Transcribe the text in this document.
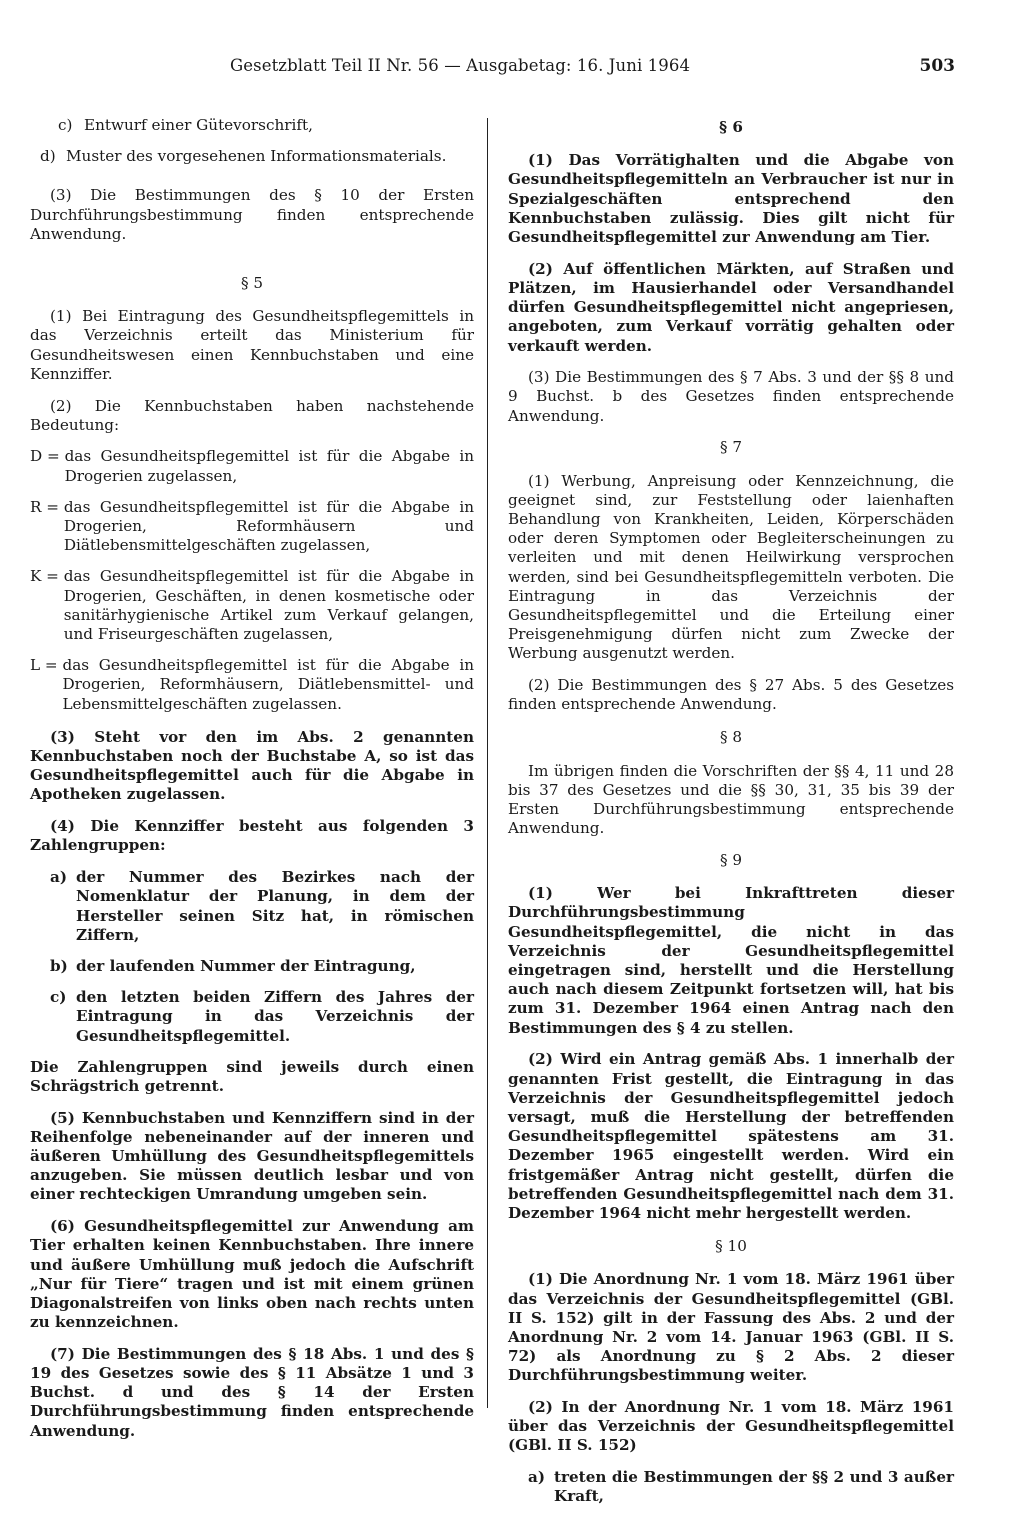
Gesetzblatt Teil II Nr. 56 — Ausgabetag: 16. Juni 1964	503
c) Entwurf einer Gütevorschrift,
d) Muster des vorgesehenen Informationsmaterials.

(3) Die Bestimmungen des § 10 der Ersten Durchführungsbestimmung finden entsprechende Anwendung.

§ 5

(1) Bei Eintragung des Gesundheitspflegemittels in das Verzeichnis erteilt das Ministerium für Gesundheitswesen einen Kennbuchstaben und eine Kennziffer.

(2) Die Kennbuchstaben haben nachstehende Bedeutung:

D = das Gesundheitspflegemittel ist für die Abgabe in Drogerien zugelassen,
R = das Gesundheitspflegemittel ist für die Abgabe in Drogerien, Reformhäusern und Diätlebensmittelgeschäften zugelassen,
K = das Gesundheitspflegemittel ist für die Abgabe in Drogerien, Geschäften, in denen kosmetische oder sanitärhygienische Artikel zum Verkauf gelangen, und Friseurgeschäften zugelassen,
L = das Gesundheitspflegemittel ist für die Abgabe in Drogerien, Reformhäusern, Diätlebensmittel- und Lebensmittelgeschäften zugelassen.

(3) Steht vor den im Abs. 2 genannten Kennbuchstaben noch der Buchstabe A, so ist das Gesundheitspflegemittel auch für die Abgabe in Apotheken zugelassen.

(4) Die Kennziffer besteht aus folgenden 3 Zahlengruppen:

a) der Nummer des Bezirkes nach der Nomenklatur der Planung, in dem der Hersteller seinen Sitz hat, in römischen Ziffern,
b) der laufenden Nummer der Eintragung,
c) den letzten beiden Ziffern des Jahres der Eintragung in das Verzeichnis der Gesundheitspflegemittel.

Die Zahlengruppen sind jeweils durch einen Schrägstrich getrennt.

(5) Kennbuchstaben und Kennziffern sind in der Reihenfolge nebeneinander auf der inneren und äußeren Umhüllung des Gesundheitspflegemittels anzugeben. Sie müssen deutlich lesbar und von einer rechteckigen Umrandung umgeben sein.

(6) Gesundheitspflegemittel zur Anwendung am Tier erhalten keinen Kennbuchstaben. Ihre innere und äußere Umhüllung muß jedoch die Aufschrift „Nur für Tiere“ tragen und ist mit einem grünen Diagonalstreifen von links oben nach rechts unten zu kennzeichnen.

(7) Die Bestimmungen des § 18 Abs. 1 und des § 19 des Gesetzes sowie des § 11 Absätze 1 und 3 Buchst. d und des § 14 der Ersten Durchführungsbestimmung finden entsprechende Anwendung.

§ 6

(1) Das Vorrätighalten und die Abgabe von Gesundheitspflegemitteln an Verbraucher ist nur in Spezialgeschäften entsprechend den Kennbuchstaben zulässig. Dies gilt nicht für Gesundheitspflegemittel zur Anwendung am Tier.

(2) Auf öffentlichen Märkten, auf Straßen und Plätzen, im Hausierhandel oder Versandhandel dürfen Gesundheitspflegemittel nicht angepriesen, angeboten, zum Verkauf vorrätig gehalten oder verkauft werden.

(3) Die Bestimmungen des § 7 Abs. 3 und der §§ 8 und 9 Buchst. b des Gesetzes finden entsprechende Anwendung.

§ 7

(1) Werbung, Anpreisung oder Kennzeichnung, die geeignet sind, zur Feststellung oder laienhaften Behandlung von Krankheiten, Leiden, Körperschäden oder deren Symptomen oder Begleiterscheinungen zu verleiten und mit denen Heilwirkung versprochen werden, sind bei Gesundheitspflegemitteln verboten. Die Eintragung in das Verzeichnis der Gesundheitspflegemittel und die Erteilung einer Preisgenehmigung dürfen nicht zum Zwecke der Werbung ausgenutzt werden.

(2) Die Bestimmungen des § 27 Abs. 5 des Gesetzes finden entsprechende Anwendung.

§ 8

Im übrigen finden die Vorschriften der §§ 4, 11 und 28 bis 37 des Gesetzes und die §§ 30, 31, 35 bis 39 der Ersten Durchführungsbestimmung entsprechende Anwendung.

§ 9

(1) Wer bei Inkrafttreten dieser Durchführungsbestimmung Gesundheitspflegemittel, die nicht in das Verzeichnis der Gesundheitspflegemittel eingetragen sind, herstellt und die Herstellung auch nach diesem Zeitpunkt fortsetzen will, hat bis zum 31. Dezember 1964 einen Antrag nach den Bestimmungen des § 4 zu stellen.

(2) Wird ein Antrag gemäß Abs. 1 innerhalb der genannten Frist gestellt, die Eintragung in das Verzeichnis der Gesundheitspflegemittel jedoch versagt, muß die Herstellung der betreffenden Gesundheitspflegemittel spätestens am 31. Dezember 1965 eingestellt werden. Wird ein fristgemäßer Antrag nicht gestellt, dürfen die betreffenden Gesundheitspflegemittel nach dem 31. Dezember 1964 nicht mehr hergestellt werden.

§ 10

(1) Die Anordnung Nr. 1 vom 18. März 1961 über das Verzeichnis der Gesundheitspflegemittel (GBl. II S. 152) gilt in der Fassung des Abs. 2 und der Anordnung Nr. 2 vom 14. Januar 1963 (GBl. II S. 72) als Anordnung zu § 2 Abs. 2 dieser Durchführungsbestimmung weiter.

(2) In der Anordnung Nr. 1 vom 18. März 1961 über das Verzeichnis der Gesundheitspflegemittel (GBl. II S. 152)

a) treten die Bestimmungen der §§ 2 und 3 außer Kraft,
